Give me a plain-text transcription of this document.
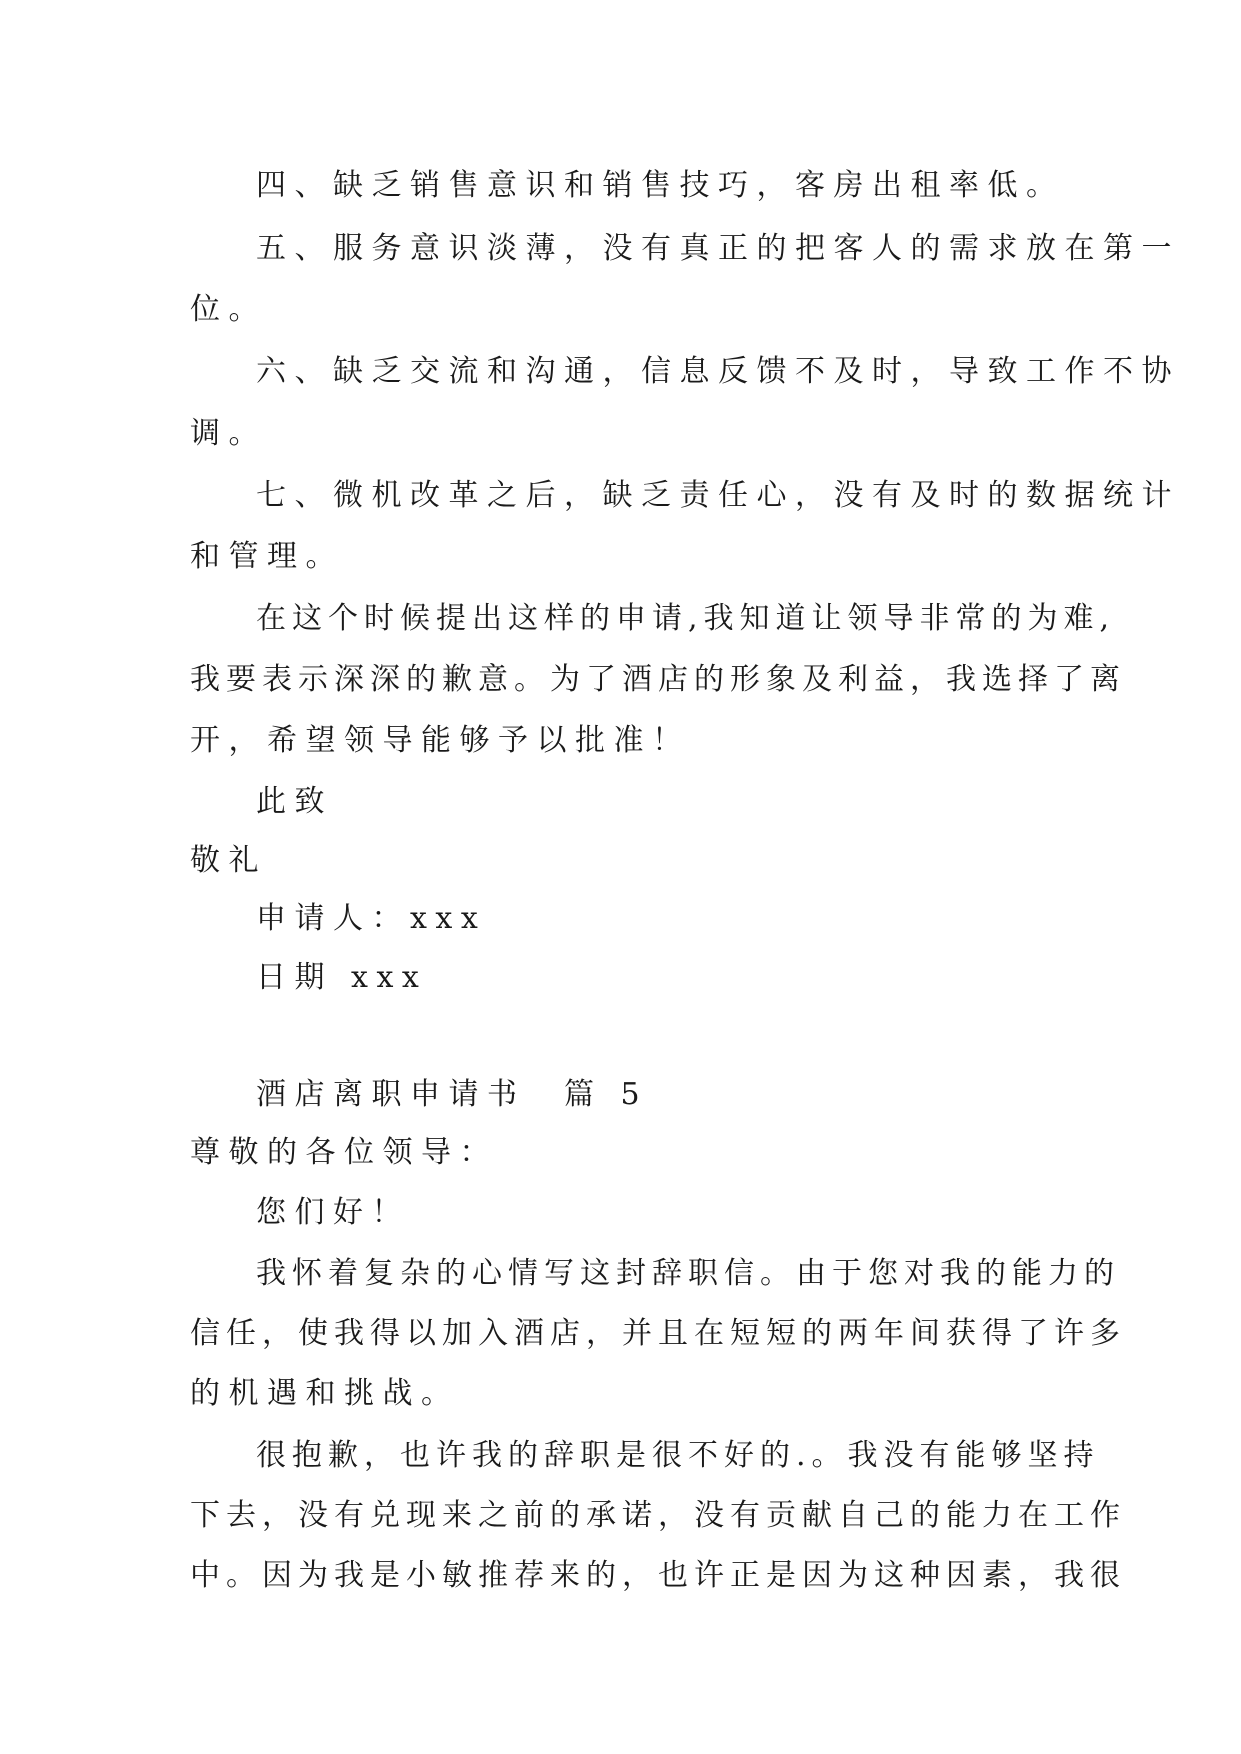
四、缺乏销售意识和销售技巧，客房出租率低。
五、服务意识淡薄，没有真正的把客人的需求放在第一
位。
六、缺乏交流和沟通，信息反馈不及时，导致工作不协
调。
七、微机改革之后，缺乏责任心，没有及时的数据统计
和管理。
在这个时候提出这样的申请,我知道让领导非常的为难,
我要表示深深的歉意。为了酒店的形象及利益，我选择了离
开，希望领导能够予以批准！
此致
敬礼
申请人：xxx
日期 xxx
酒店离职申请书　篇 5
尊敬的各位领导：
您们好！
我怀着复杂的心情写这封辞职信。由于您对我的能力的
信任，使我得以加入酒店，并且在短短的两年间获得了许多
的机遇和挑战。
很抱歉，也许我的辞职是很不好的.。我没有能够坚持
下去，没有兑现来之前的承诺，没有贡献自己的能力在工作
中。因为我是小敏推荐来的，也许正是因为这种因素，我很
